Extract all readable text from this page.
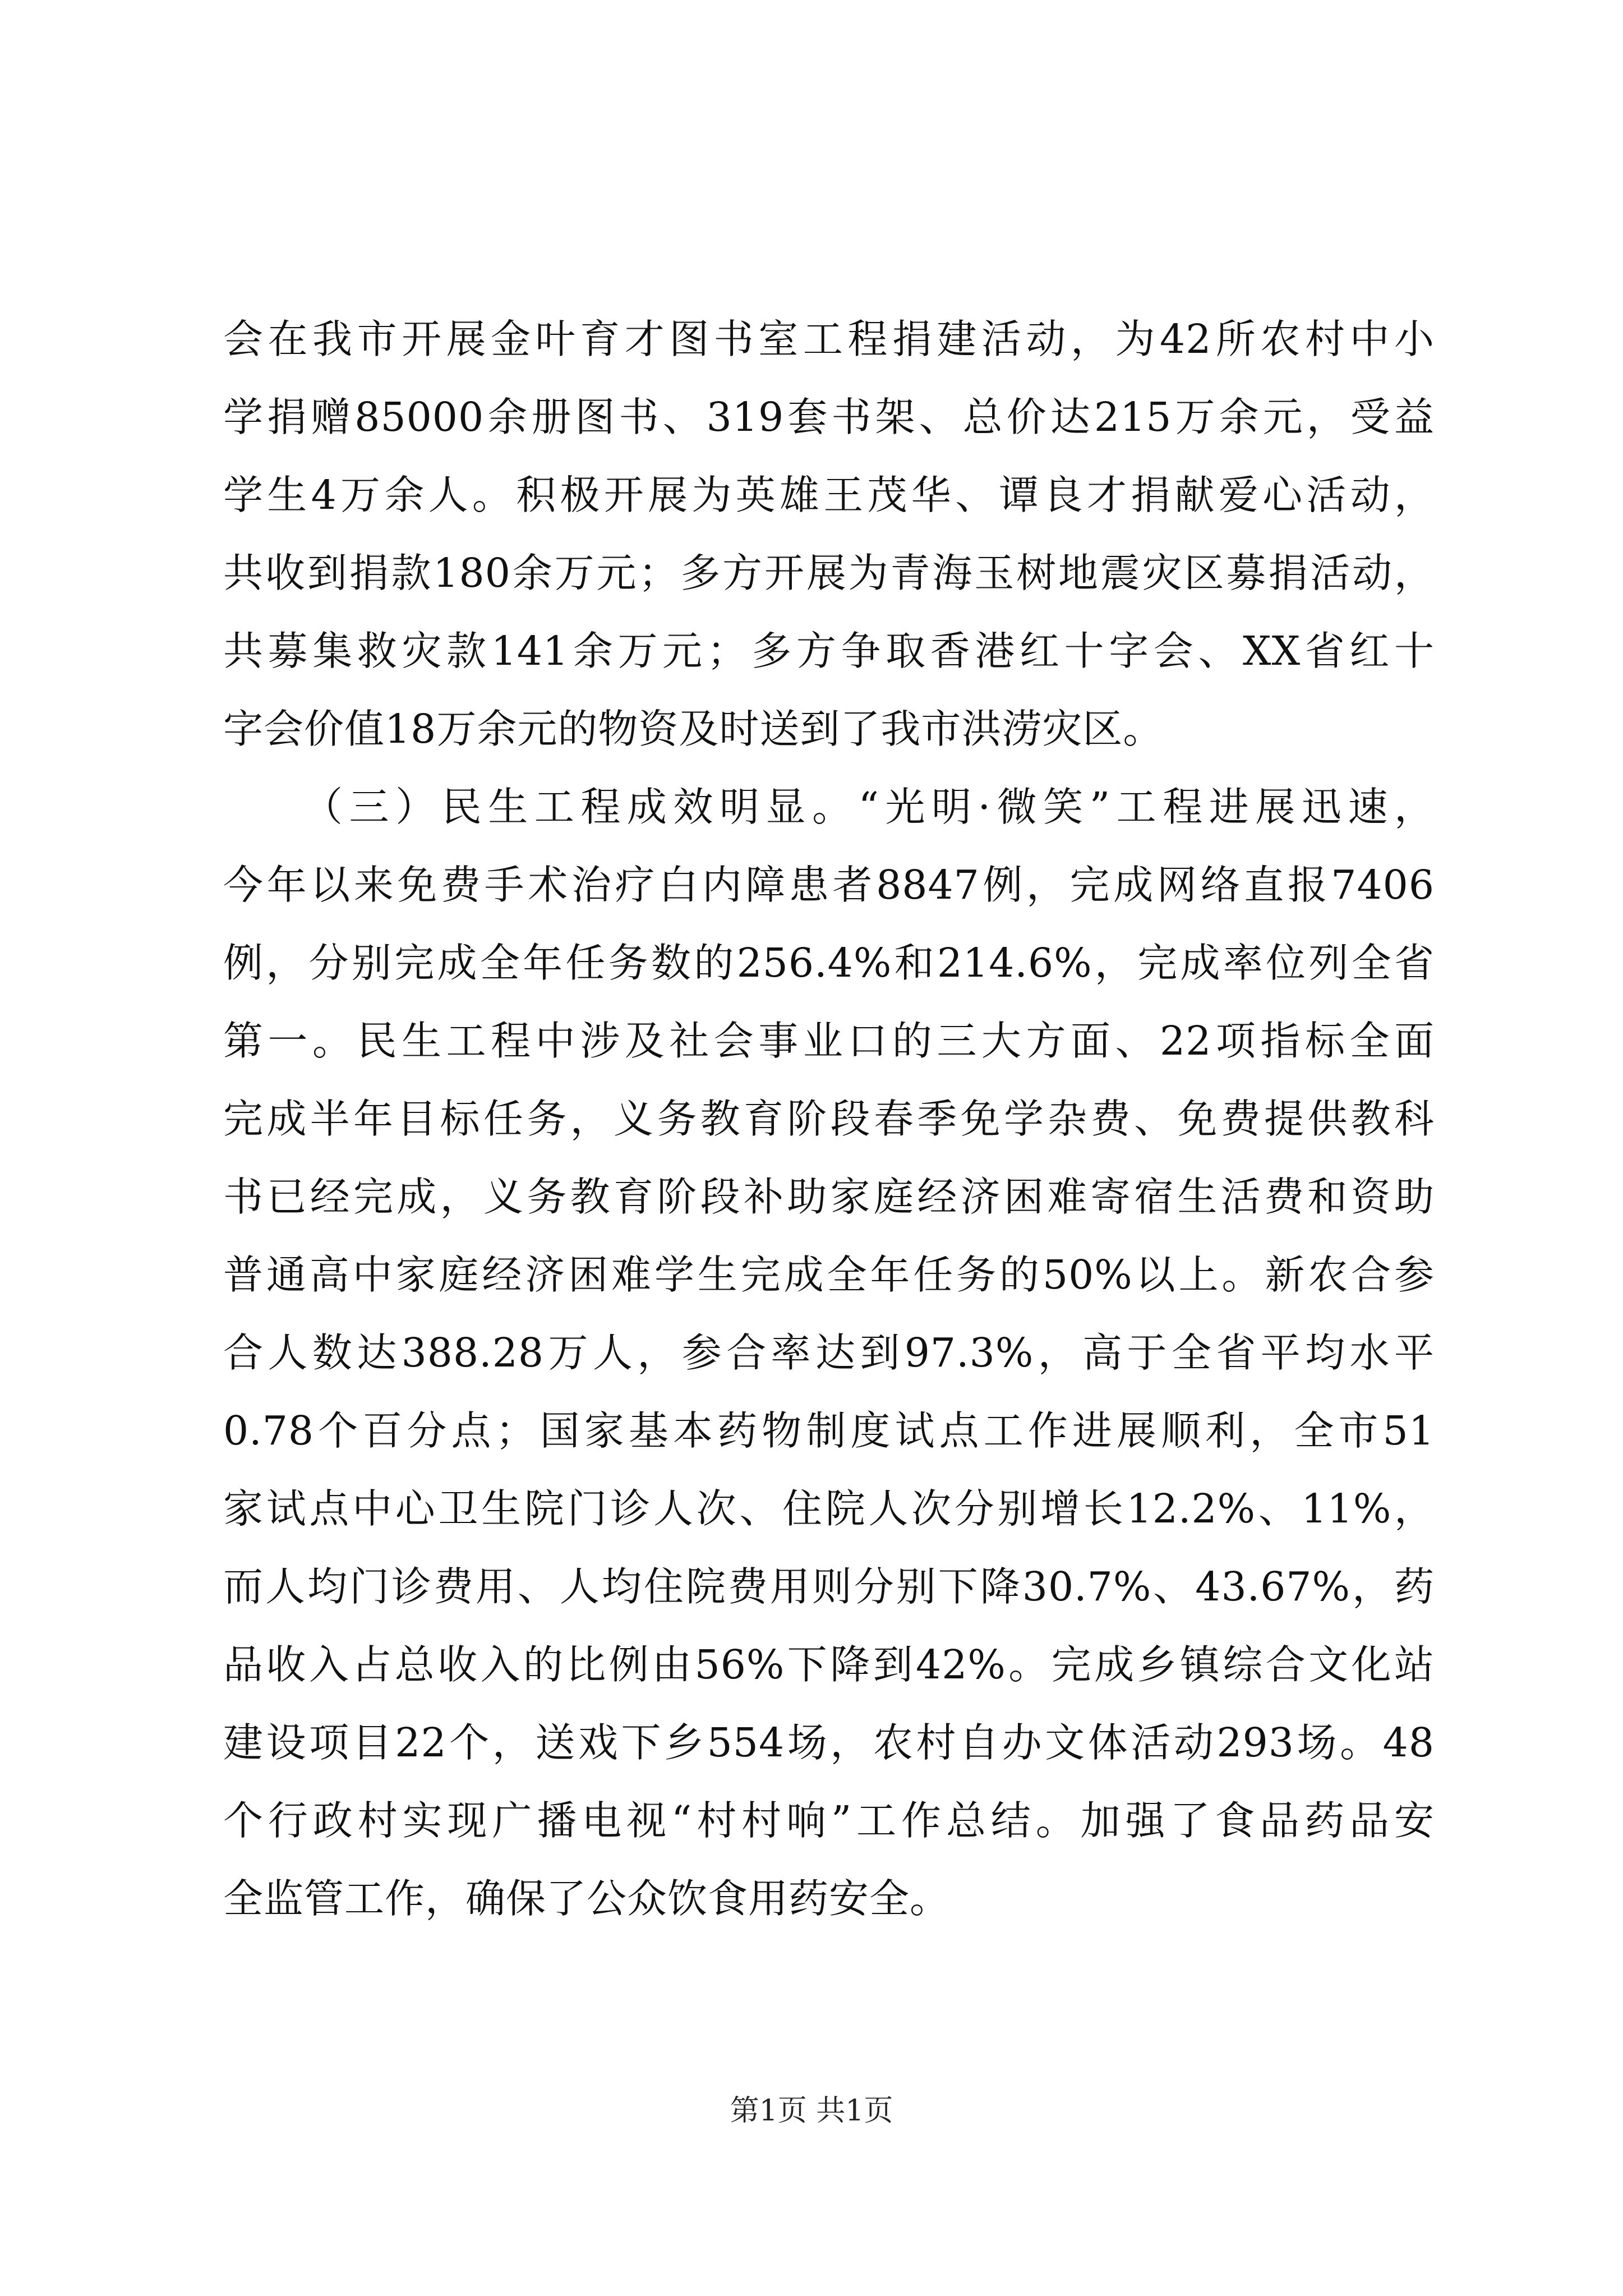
会在我市开展金叶育才图书室工程捐建活动，为42所农村中小
学捐赠85000余册图书、319套书架、总价达215万余元，受益
学生4万余人。积极开展为英雄王茂华、谭良才捐献爱心活动，
共收到捐款180余万元；多方开展为青海玉树地震灾区募捐活动，
共募集救灾款141余万元；多方争取香港红十字会、XX省红十
字会价值18万余元的物资及时送到了我市洪涝灾区。
（三）民生工程成效明显。“光明·微笑”工程进展迅速，
今年以来免费手术治疗白内障患者8847例，完成网络直报7406
例，分别完成全年任务数的256.4%和214.6%，完成率位列全省
第一。民生工程中涉及社会事业口的三大方面、22项指标全面
完成半年目标任务，义务教育阶段春季免学杂费、免费提供教科
书已经完成，义务教育阶段补助家庭经济困难寄宿生活费和资助
普通高中家庭经济困难学生完成全年任务的50%以上。新农合参
合人数达388.28万人，参合率达到97.3%，高于全省平均水平
0.78个百分点；国家基本药物制度试点工作进展顺利，全市51
家试点中心卫生院门诊人次、住院人次分别增长12.2%、11%，
而人均门诊费用、人均住院费用则分别下降30.7%、43.67%，药
品收入占总收入的比例由56%下降到42%。完成乡镇综合文化站
建设项目22个，送戏下乡554场，农村自办文体活动293场。48
个行政村实现广播电视“村村响”工作总结。加强了食品药品安
全监管工作，确保了公众饮食用药安全。
第1页 共1页
